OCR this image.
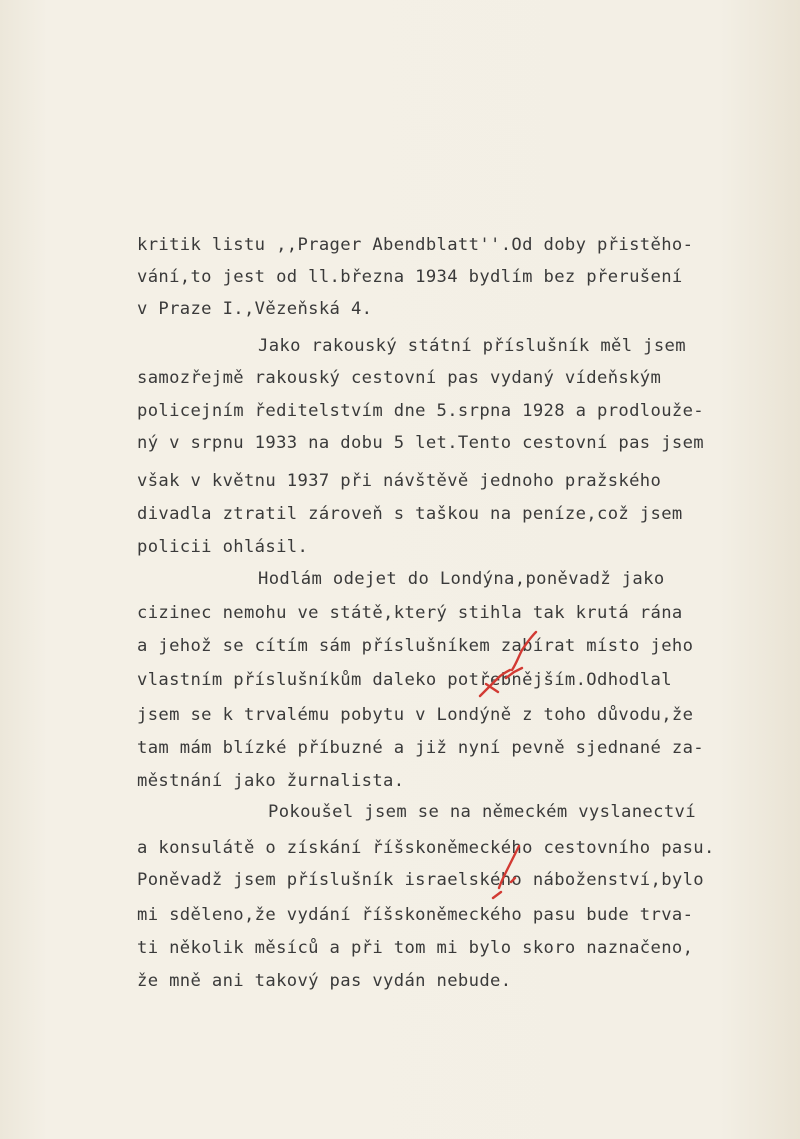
kritik listu ,,Prager Abendblatt''.Od doby přistěho-
vání,to jest od ll.března 1934 bydlím bez přerušení
v Praze I.,Vězeňská 4.
Jako rakouský státní příslušník měl jsem
samozřejmě rakouský cestovní pas vydaný vídeňským
policejním ředitelstvím dne 5.srpna 1928 a prodlouže-
ný v srpnu 1933 na dobu 5 let.Tento cestovní pas jsem
však v květnu 1937 při návštěvě jednoho pražského
divadla ztratil zároveň s taškou na peníze,což jsem
policii ohlásil.
Hodlám odejet do Londýna,poněvadž jako
cizinec nemohu ve státě,který stihla tak krutá rána
a jehož se cítím sám příslušníkem zabírat místo jeho
vlastním příslušníkům daleko potřebnějším.Odhodlal
jsem se k trvalému pobytu v Londýně z toho důvodu,že
tam mám blízké příbuzné a již nyní pevně sjednané za-
městnání jako žurnalista.
Pokoušel jsem se na německém vyslanectví
a konsulátě o získání říšskoněmeckého cestovního pasu.
Poněvadž jsem příslušník israelského náboženství,bylo
mi sděleno,že vydání říšskoněmeckého pasu bude trva-
ti několik měsíců a při tom mi bylo skoro naznačeno,
že mně ani takový pas vydán nebude.
